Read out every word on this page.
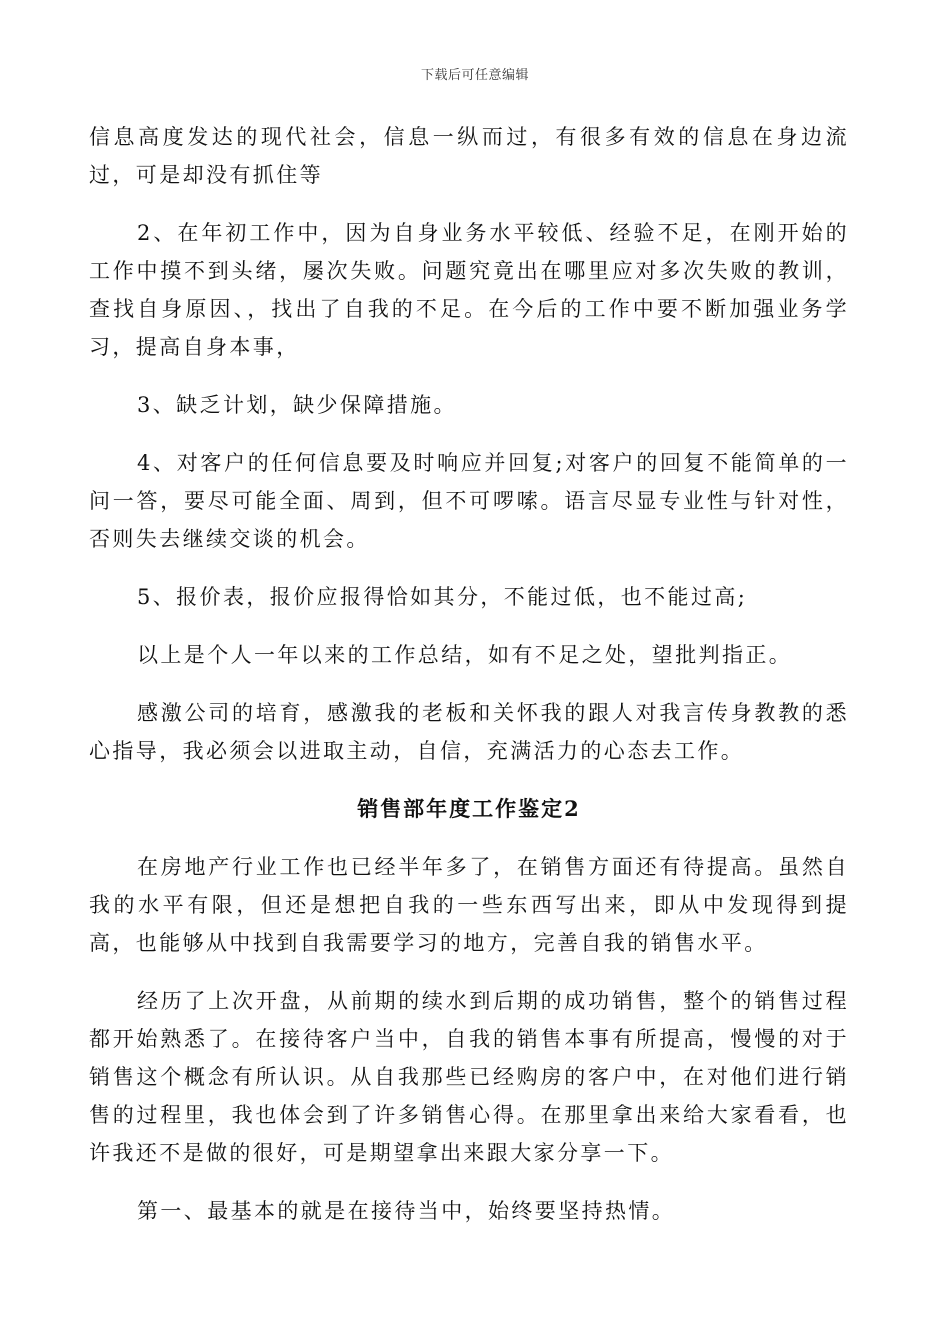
下载后可任意编辑

信息高度发达的现代社会，信息一纵而过，有很多有效的信息在身边流过，可是却没有抓住等

2、在年初工作中，因为自身业务水平较低、经验不足，在刚开始的工作中摸不到头绪，屡次失败。问题究竟出在哪里应对多次失败的教训，查找自身原因、，找出了自我的不足。在今后的工作中要不断加强业务学习，提高自身本事，

3、缺乏计划，缺少保障措施。

4、对客户的任何信息要及时响应并回复;对客户的回复不能简单的一问一答，要尽可能全面、周到，但不可啰嗦。语言尽显专业性与针对性，否则失去继续交谈的机会。

5、报价表，报价应报得恰如其分，不能过低，也不能过高;

以上是个人一年以来的工作总结，如有不足之处，望批判指正。

感激公司的培育，感激我的老板和关怀我的跟人对我言传身教教的悉心指导，我必须会以进取主动，自信，充满活力的心态去工作。

销售部年度工作鉴定2

在房地产行业工作也已经半年多了，在销售方面还有待提高。虽然自我的水平有限，但还是想把自我的一些东西写出来，即从中发现得到提高，也能够从中找到自我需要学习的地方，完善自我的销售水平。

经历了上次开盘，从前期的续水到后期的成功销售，整个的销售过程都开始熟悉了。在接待客户当中，自我的销售本事有所提高，慢慢的对于销售这个概念有所认识。从自我那些已经购房的客户中，在对他们进行销售的过程里，我也体会到了许多销售心得。在那里拿出来给大家看看，也许我还不是做的很好，可是期望拿出来跟大家分享一下。

第一、最基本的就是在接待当中，始终要坚持热情。
